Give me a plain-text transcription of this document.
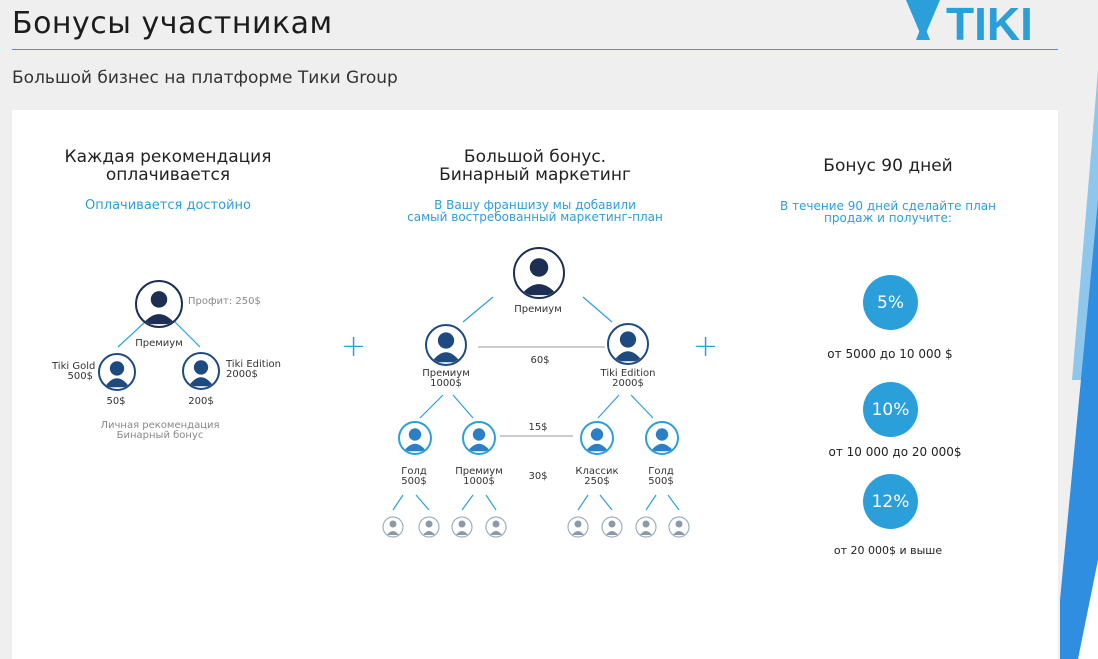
Бонусы участникам	TIKI
Большой бизнес на платформе Тики Group
Каждая рекомендация
оплачивается
Оплачивается достойно
Профит: 250$
Премиум
Tiki Gold
500$
Tiki Edition
2000$
50$	200$
Личная рекомендация
Бинарный бонус
+
Большой бонус.
Бинарный маркетинг
В Вашу франшизу мы добавили
самый востребованный маркетинг-план
Премиум
Премиум
1000$
Tiki Edition
2000$
60$
15$
30$
Голд
500$
Премиум
1000$
Классик
250$
Голд
500$
+
Бонус 90 дней
В течение 90 дней сделайте план
продаж и получите:
5%
от 5000 до 10 000 $
10%
от 10 000 до 20 000$
12%
от 20 000$ и выше
